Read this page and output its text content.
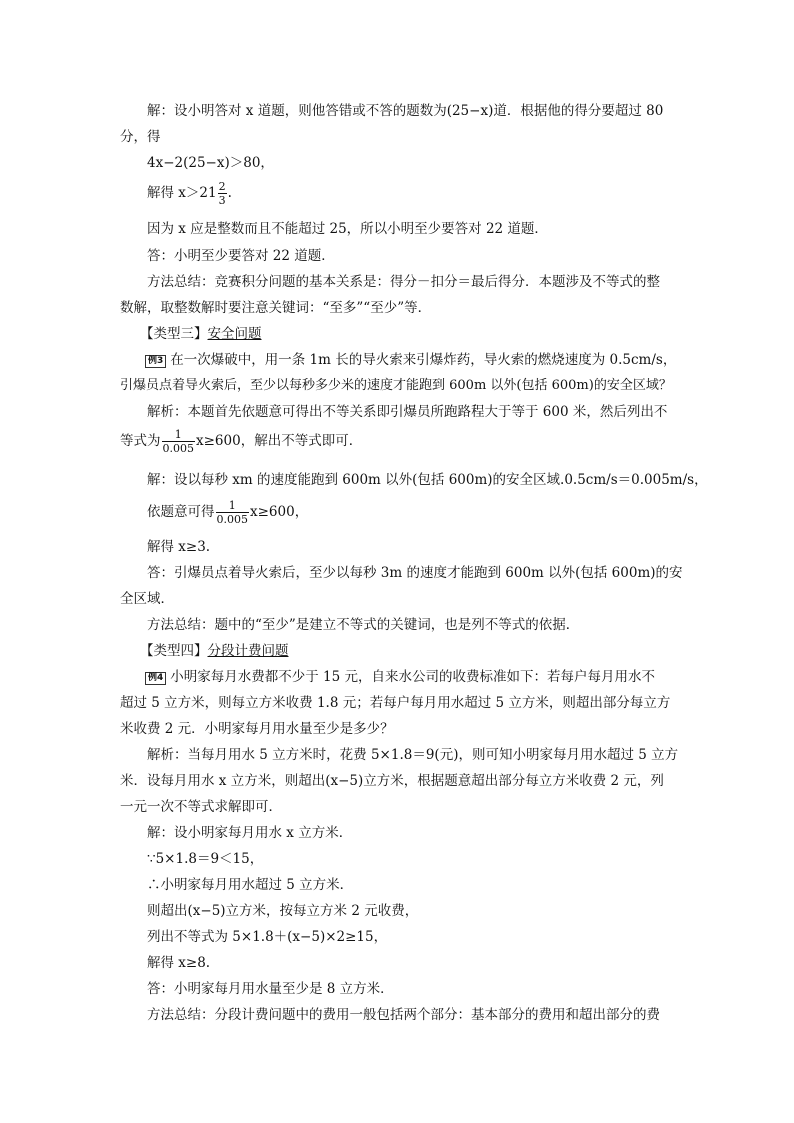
解：设小明答对 x 道题，则他答错或不答的题数为(25−x)道．根据他的得分要超过 80
分，得
4x−2(25−x)＞80，
解得 $x>21 \frac{2}{3}$ .
因为 x 应是整数而且不能超过 25，所以小明至少要答对 22 道题．
答：小明至少要答对 22 道题．
方法总结：竞赛积分问题的基本关系是：得分－扣分＝最后得分．本题涉及不等式的整
数解，取整数解时要注意关键词：“至多”“至少”等．
【类型三】安全问题
例3 在一次爆破中，用一条 1m 长的导火索来引爆炸药，导火索的燃烧速度为 0.5cm/s，
引爆员点着导火索后，至少以每秒多少米的速度才能跑到 600m 以外(包括 600m)的安全区域？
解析：本题首先依题意可得出不等关系即引爆员所跑路程大于等于 600 米，然后列出不
等式为 $\frac{1}{0.005} x\ge 600$，解出不等式即可．
解：设以每秒 xm 的速度能跑到 600m 以外(包括 600m)的安全区域.0.5cm/s＝0.005m/s，
依题意可得 $\frac{1}{0.005} x\ge 600$，
解得 x≥3.
答：引爆员点着导火索后，至少以每秒 3m 的速度才能跑到 600m 以外(包括 600m)的安
全区域．
方法总结：题中的“至少”是建立不等式的关键词，也是列不等式的依据．
【类型四】分段计费问题
例4 小明家每月水费都不少于 15 元，自来水公司的收费标准如下：若每户每月用水不
超过 5 立方米，则每立方米收费 1.8 元；若每户每月用水超过 5 立方米，则超出部分每立方
米收费 2 元．小明家每月用水量至少是多少？
解析：当每月用水 5 立方米时，花费 5×1.8＝9(元)，则可知小明家每月用水超过 5 立方
米．设每月用水 x 立方米，则超出(x−5)立方米，根据题意超出部分每立方米收费 2 元，列
一元一次不等式求解即可．
解：设小明家每月用水 x 立方米．
∵5×1.8＝9＜15，
∴小明家每月用水超过 5 立方米．
则超出(x−5)立方米，按每立方米 2 元收费，
列出不等式为 5×1.8＋(x−5)×2≥15，
解得 x≥8.
答：小明家每月用水量至少是 8 立方米．
方法总结：分段计费问题中的费用一般包括两个部分：基本部分的费用和超出部分的费
